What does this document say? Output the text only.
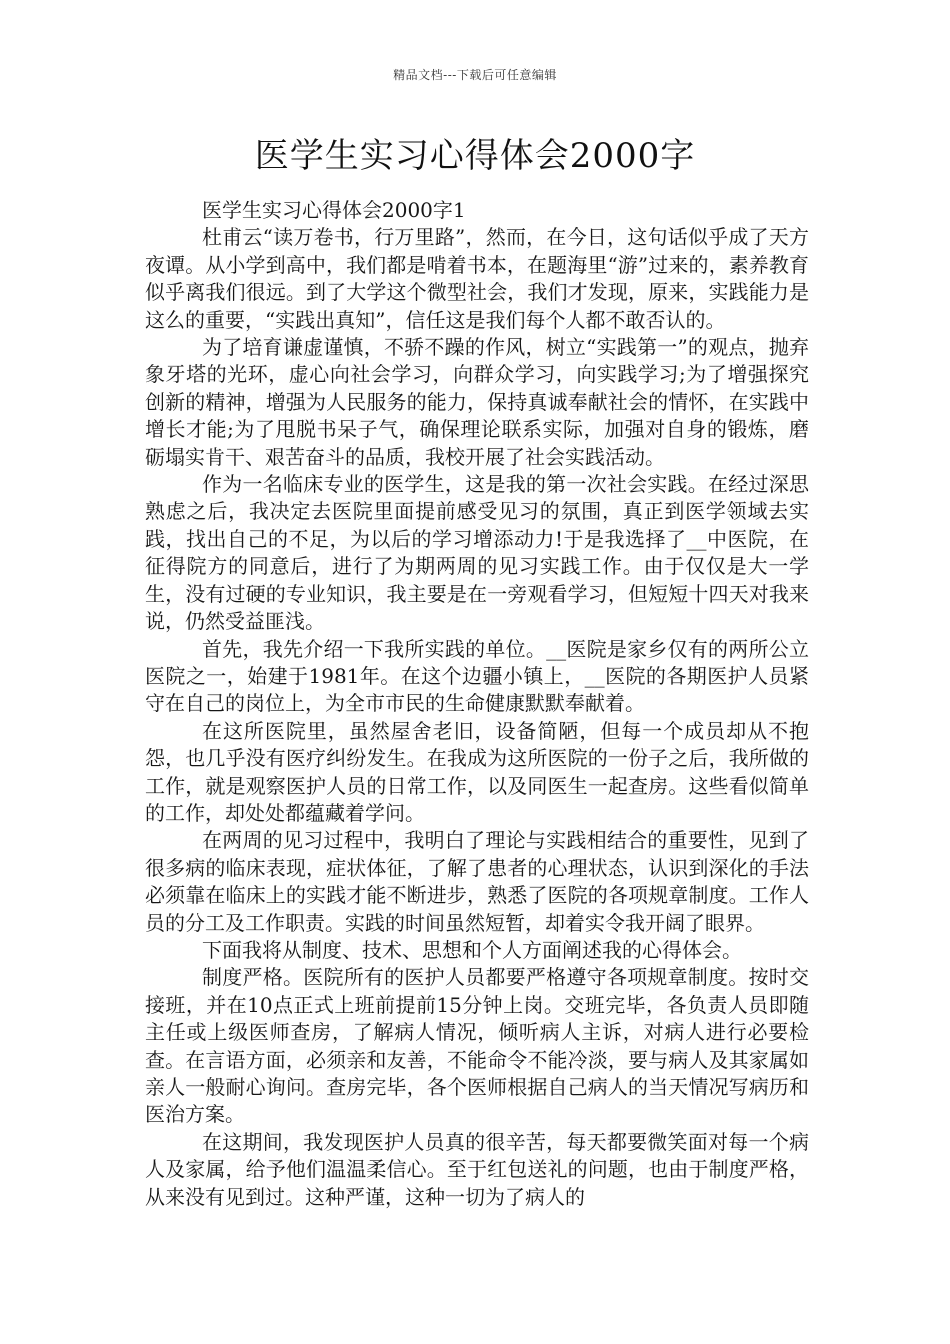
精品文档---下载后可任意编辑
医学生实习心得体会2000字

医学生实习心得体会2000字1

杜甫云“读万卷书，行万里路”，然而，在今日，这句话似乎成了天方夜谭。从小学到高中，我们都是啃着书本，在题海里“游”过来的，素养教育似乎离我们很远。到了大学这个微型社会，我们才发现，原来，实践能力是这么的重要，“实践出真知”，信任这是我们每个人都不敢否认的。

为了培育谦虚谨慎，不骄不躁的作风，树立“实践第一”的观点，抛弃象牙塔的光环，虚心向社会学习，向群众学习，向实践学习;为了增强探究创新的精神，增强为人民服务的能力，保持真诚奉献社会的情怀，在实践中增长才能;为了甩脱书呆子气，确保理论联系实际，加强对自身的锻炼，磨砺塌实肯干、艰苦奋斗的品质，我校开展了社会实践活动。

作为一名临床专业的医学生，这是我的第一次社会实践。在经过深思熟虑之后，我决定去医院里面提前感受见习的氛围，真正到医学领域去实践，找出自己的不足，为以后的学习增添动力!于是我选择了__中医院，在征得院方的同意后，进行了为期两周的见习实践工作。由于仅仅是大一学生，没有过硬的专业知识，我主要是在一旁观看学习，但短短十四天对我来说，仍然受益匪浅。

首先，我先介绍一下我所实践的单位。__医院是家乡仅有的两所公立医院之一，始建于1981年。在这个边疆小镇上，__医院的各期医护人员紧守在自己的岗位上，为全市市民的生命健康默默奉献着。

在这所医院里，虽然屋舍老旧，设备简陋，但每一个成员却从不抱怨，也几乎没有医疗纠纷发生。在我成为这所医院的一份子之后，我所做的工作，就是观察医护人员的日常工作，以及同医生一起查房。这些看似简单的工作，却处处都蕴藏着学问。

在两周的见习过程中，我明白了理论与实践相结合的重要性，见到了很多病的临床表现，症状体征，了解了患者的心理状态，认识到深化的手法必须靠在临床上的实践才能不断进步，熟悉了医院的各项规章制度。工作人员的分工及工作职责。实践的时间虽然短暂，却着实令我开阔了眼界。

下面我将从制度、技术、思想和个人方面阐述我的心得体会。

制度严格。医院所有的医护人员都要严格遵守各项规章制度。按时交接班，并在10点正式上班前提前15分钟上岗。交班完毕，各负责人员即随主任或上级医师查房，了解病人情况，倾听病人主诉，对病人进行必要检查。在言语方面，必须亲和友善，不能命令不能冷淡，要与病人及其家属如亲人一般耐心询问。查房完毕，各个医师根据自己病人的当天情况写病历和医治方案。

在这期间，我发现医护人员真的很辛苦，每天都要微笑面对每一个病人及家属，给予他们温温柔信心。至于红包送礼的问题，也由于制度严格，从来没有见到过。这种严谨，这种一切为了病人的
